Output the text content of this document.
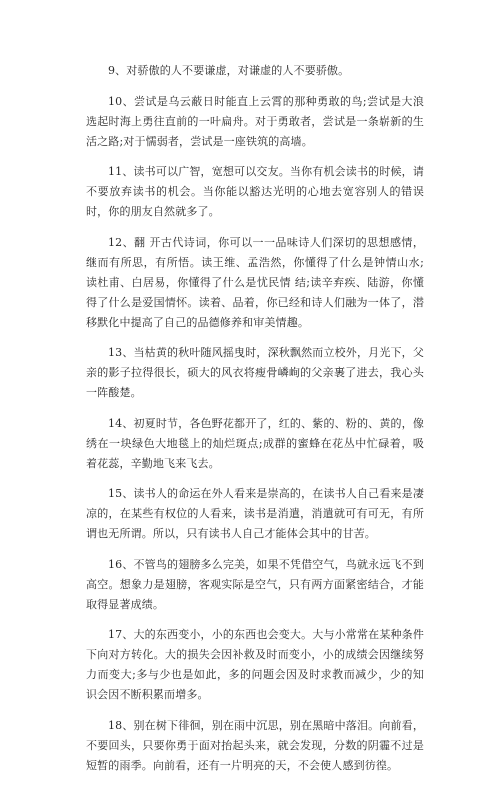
9、对骄傲的人不要谦虚，对谦虚的人不要骄傲。

10、尝试是乌云蔽日时能直上云霄的那种勇敢的鸟;尝试是大浪选起时海上勇往直前的一叶扁舟。对于勇敢者，尝试是一条崭新的生活之路;对于懦弱者，尝试是一座铁筑的高墙。

11、读书可以广智，宽想可以交友。当你有机会读书的时候，请不要放弃读书的机会。当你能以豁达光明的心地去宽容别人的错误时，你的朋友自然就多了。

12、翻 开古代诗词，你可以一一品味诗人们深切的思想感情，继而有所思，有所悟。读王维、孟浩然，你懂得了什么是钟情山水;读杜甫、白居易，你懂得了什么是忧民情 结;读辛弃疾、陆游，你懂得了什么是爱国情怀。读着、品着，你已经和诗人们融为一体了，潜移默化中提高了自己的品德修养和审美情趣。

13、当枯黄的秋叶随风摇曳时，深秋飘然而立校外，月光下，父亲的影子拉得很长，硕大的风衣将瘦骨嶙峋的父亲裹了进去，我心头一阵酸楚。

14、初夏时节，各色野花都开了，红的、紫的、粉的、黄的，像绣在一块绿色大地毯上的灿烂斑点;成群的蜜蜂在花丛中忙碌着，吸着花蕊，辛勤地飞来飞去。

15、读书人的命运在外人看来是崇高的，在读书人自己看来是凄凉的，在某些有权位的人看来，读书是消遣，消遣就可有可无，有所谓也无所谓。所以，只有读书人自己才能体会其中的甘苦。

16、不管鸟的翅膀多么完美，如果不凭借空气，鸟就永远飞不到高空。想象力是翅膀，客观实际是空气，只有两方面紧密结合，才能取得显著成绩。

17、大的东西变小，小的东西也会变大。大与小常常在某种条件下向对方转化。大的损失会因补救及时而变小，小的成绩会因继续努力而变大;多与少也是如此，多的问题会因及时求教而减少，少的知识会因不断积累而增多。

18、别在树下徘徊，别在雨中沉思，别在黑暗中落泪。向前看，不要回头，只要你勇于面对抬起头来，就会发现，分数的阴霾不过是短暂的雨季。向前看，还有一片明亮的天，不会使人感到彷徨。
